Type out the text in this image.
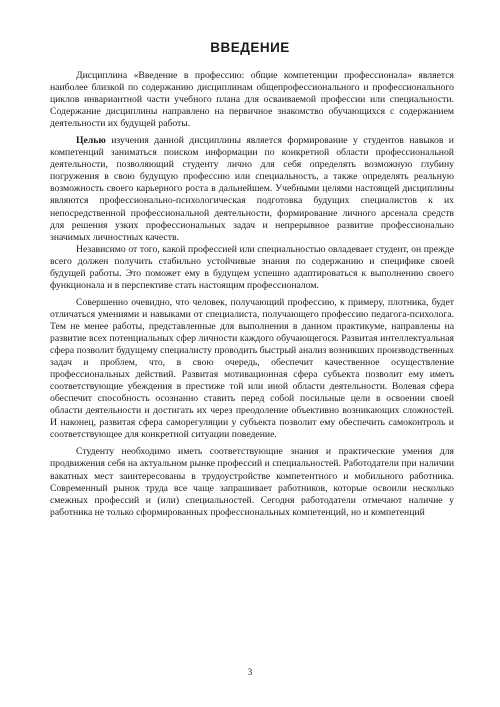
ВВЕДЕНИЕ

Дисциплина «Введение в профессию: общие компетенции профессионала» является наиболее близкой по содержанию дисциплинам общепрофессионального и профессионального циклов инвариантной части учебного плана для осваиваемой профессии или специальности. Содержание дисциплины направлено на первичное знакомство обучающихся с содержанием деятельности их будущей работы.

Целью изучения данной дисциплины является формирование у студентов навыков и компетенций заниматься поиском информации по конкретной области профессиональной деятельности, позволяющий студенту лично для себя определять возможную глубину погружения в свою будущую профессию или специальность, а также определять реальную возможность своего карьерного роста в дальнейшем. Учебными целями настоящей дисциплины являются профессионально-психологическая подготовка будущих специалистов к их непосредственной профессиональной деятельности, формирование личного арсенала средств для решения узких профессиональных задач и непрерывное развитие профессионально значимых личностных качеств.

Независимо от того, какой профессией или специальностью овладевает студент, он прежде всего должен получить стабильно устойчивые знания по содержанию и специфике своей будущей работы. Это поможет ему в будущем успешно адаптироваться к выполнению своего функционала и в перспективе стать настоящим профессионалом.

Совершенно очевидно, что человек, получающий профессию, к примеру, плотника, будет отличаться умениями и навыками от специалиста, получающего профессию педагога-психолога. Тем не менее работы, представленные для выполнения в данном практикуме, направлены на развитие всех потенциальных сфер личности каждого обучающегося. Развитая интеллектуальная сфера позволит будущему специалисту проводить быстрый анализ возникших производственных задач и проблем, что, в свою очередь, обеспечит качественное осуществление профессиональных действий. Развитая мотивационная сфера субъекта позволит ему иметь соответствующие убеждения в престиже той или иной области деятельности. Волевая сфера обеспечит способность осознанно ставить перед собой посильные цели в освоении своей области деятельности и достигать их через преодоление объективно возникающих сложностей. И наконец, развитая сфера саморегуляции у субъекта позволит ему обеспечить самоконтроль и соответствующее для конкретной ситуации поведение.

Студенту необходимо иметь соответствующие знания и практические умения для продвижения себя на актуальном рынке профессий и специальностей. Работодатели при наличии вакатных мест заинтересованы в трудоустройстве компетентного и мобильного работника. Современный рынок труда все чаще запрашивает работников, которые освоили несколько смежных профессий и (или) специальностей. Сегодня работодатели отмечают наличие у работника не только сформированных профессиональных компетенций, но и компетенций

3
